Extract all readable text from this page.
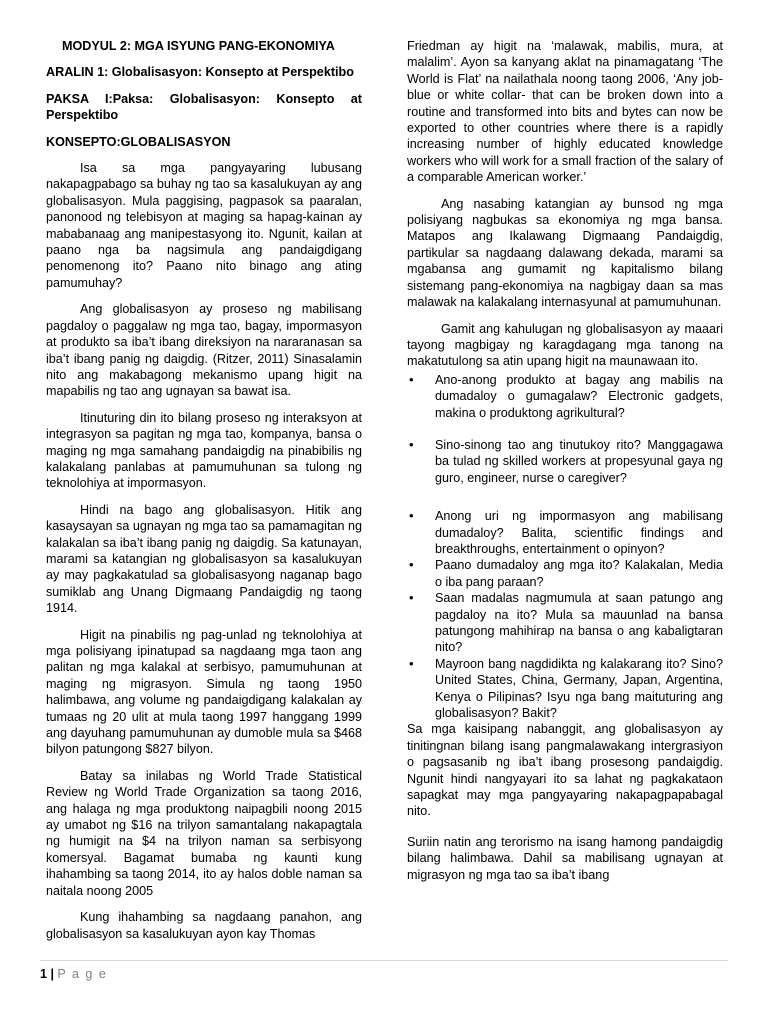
MODYUL 2: MGA ISYUNG PANG-EKONOMIYA
ARALIN 1: Globalisasyon: Konsepto at Perspektibo
PAKSA I:Paksa: Globalisasyon: Konsepto at Perspektibo
KONSEPTO:GLOBALISASYON

Isa sa mga pangyayaring lubusang nakapagpabago sa buhay ng tao sa kasalukuyan ay ang globalisasyon. Mula paggising, pagpasok sa paaralan, panonood ng telebisyon at maging sa hapag-kainan ay mababanaag ang manipestasyong ito. Ngunit, kailan at paano nga ba nagsimula ang pandaigdigang penomenong ito? Paano nito binago ang ating pamumuhay?

Ang globalisasyon ay proseso ng mabilisang pagdaloy o paggalaw ng mga tao, bagay, impormasyon at produkto sa iba’t ibang direksiyon na nararanasan sa iba’t ibang panig ng daigdig. (Ritzer, 2011) Sinasalamin nito ang makabagong mekanismo upang higit na mapabilis ng tao ang ugnayan sa bawat isa.

Itinuturing din ito bilang proseso ng interaksyon at integrasyon sa pagitan ng mga tao, kompanya, bansa o maging ng mga samahang pandaigdig na pinabibilis ng kalakalang panlabas at pamumuhunan sa tulong ng teknolohiya at impormasyon.

Hindi na bago ang globalisasyon. Hitik ang kasaysayan sa ugnayan ng mga tao sa pamamagitan ng kalakalan sa iba’t ibang panig ng daigdig. Sa katunayan, marami sa katangian ng globalisasyon sa kasalukuyan ay may pagkakatulad sa globalisasyong naganap bago sumiklab ang Unang Digmaang Pandaigdig ng taong 1914.

Higit na pinabilis ng pag-unlad ng teknolohiya at mga polisiyang ipinatupad sa nagdaang mga taon ang palitan ng mga kalakal at serbisyo, pamumuhunan at maging ng migrasyon. Simula ng taong 1950 halimbawa, ang volume ng pandaigdigang kalakalan ay tumaas ng 20 ulit at mula taong 1997 hanggang 1999 ang dayuhang pamumuhunan ay dumoble mula sa $468 bilyon patungong $827 bilyon.

Batay sa inilabas ng World Trade Statistical Review ng World Trade Organization sa taong 2016, ang halaga ng mga produktong naipagbili noong 2015 ay umabot ng $16 na trilyon samantalang nakapagtala ng humigit na $4 na trilyon naman sa serbisyong komersyal. Bagamat bumaba ng kaunti kung ihahambing sa taong 2014, ito ay halos doble naman sa naitala noong 2005

Kung ihahambing sa nagdaang panahon, ang globalisasyon sa kasalukuyan ayon kay Thomas

Friedman ay higit na ‘malawak, mabilis, mura, at malalim’. Ayon sa kanyang aklat na pinamagatang ‘The World is Flat’ na nailathala noong taong 2006, ‘Any job- blue or white collar- that can be broken down into a routine and transformed into bits and bytes can now be exported to other countries where there is a rapidly increasing number of highly educated knowledge workers who will work for a small fraction of the salary of a comparable American worker.’

Ang nasabing katangian ay bunsod ng mga polisiyang nagbukas sa ekonomiya ng mga bansa. Matapos ang Ikalawang Digmaang Pandaigdig, partikular sa nagdaang dalawang dekada, marami sa mgabansa ang gumamit ng kapitalismo bilang sistemang pang-ekonomiya na nagbigay daan sa mas malawak na kalakalang internasyunal at pamumuhunan.

Gamit ang kahulugan ng globalisasyon ay maaari tayong magbigay ng karagdagang mga tanong na makatutulong sa atin upang higit na maunawaan ito.

• Ano-anong produkto at bagay ang mabilis na dumadaloy o gumagalaw? Electronic gadgets, makina o produktong agrikultural?
• Sino-sinong tao ang tinutukoy rito? Manggagawa ba tulad ng skilled workers at propesyunal gaya ng guro, engineer, nurse o caregiver?
• Anong uri ng impormasyon ang mabilisang dumadaloy? Balita, scientific findings and breakthroughs, entertainment o opinyon?
• Paano dumadaloy ang mga ito? Kalakalan, Media o iba pang paraan?
• Saan madalas nagmumula at saan patungo ang pagdaloy na ito? Mula sa mauunlad na bansa patungong mahihirap na bansa o ang kabaligtaran nito?
• Mayroon bang nagdidikta ng kalakarang ito? Sino? United States, China, Germany, Japan, Argentina, Kenya o Pilipinas? Isyu nga bang maituturing ang globalisasyon? Bakit?

Sa mga kaisipang nabanggit, ang globalisasyon ay tinitingnan bilang isang pangmalawakang intergrasiyon o pagsasanib ng iba’t ibang prosesong pandaigdig. Ngunit hindi nangyayari ito sa lahat ng pagkakataon sapagkat may mga pangyayaring nakapagpapabagal nito.

Suriin natin ang terorismo na isang hamong pandaigdig bilang halimbawa. Dahil sa mabilisang ugnayan at migrasyon ng mga tao sa iba’t ibang

1 | P a g e
